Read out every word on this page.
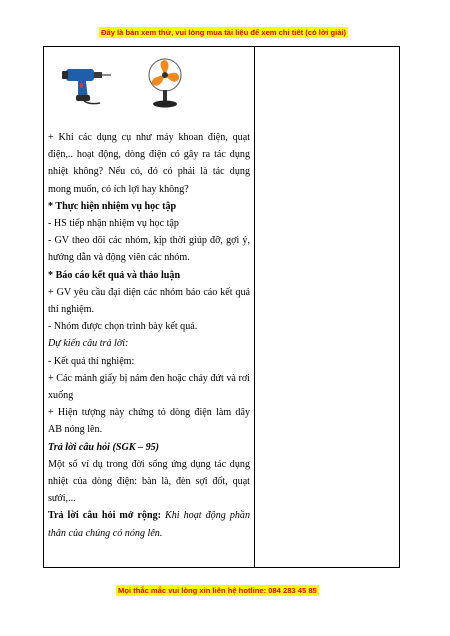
Đây là bản xem thử, vui lòng mua tài liệu để xem chi tiết (có lời giải)

+ Khi các dụng cụ như máy khoan điện, quạt điện,.. hoạt động, dòng điện có gây ra tác dụng nhiệt không? Nếu có, đó có phải là tác dụng mong muốn, có ích lợi hay không?

* Thực hiện nhiệm vụ học tập

- HS tiếp nhận nhiệm vụ học tập

- GV theo dõi các nhóm, kịp thời giúp đỡ, gợi ý, hướng dẫn và động viên các nhóm.

* Báo cáo kết quả và thảo luận

+ GV yêu cầu đại diện các nhóm báo cáo kết quả thí nghiệm.

- Nhóm được chọn trình bày kết quả.

Dự kiến câu trả lời:

- Kết quả thí nghiệm:

+ Các mảnh giấy bị nám đen hoặc cháy đứt và rơi xuống

+ Hiện tượng này chứng tỏ dòng điện làm dây AB nóng lên.

Trả lời câu hỏi (SGK – 95)

Một số ví dụ trong đời sống ứng dụng tác dụng nhiệt của dòng điện: bàn là, đèn sợi đốt, quạt sưởi,...

Trả lời câu hỏi mở rộng: Khi hoạt động phần thân của chúng có nóng lên.

Mọi thắc mắc vui lòng xin liên hệ hotline: 084 283 45 85
